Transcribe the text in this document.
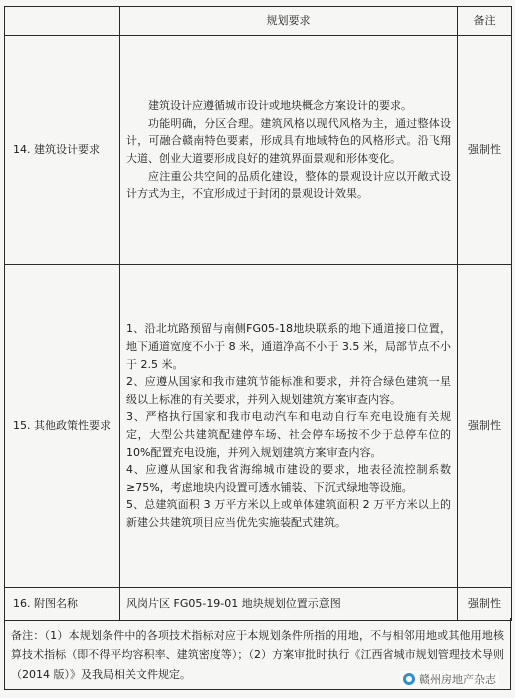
	规划要求	备注
14. 建筑设计要求	建筑设计应遵循城市设计或地块概念方案设计的要求。

功能明确，分区合理。建筑风格以现代风格为主，通过整体设计，可融合赣南特色要素，形成具有地域特色的风格形式。沿飞翔大道、创业大道要形成良好的建筑界面景观和形体变化。

应注重公共空间的品质化建设，整体的景观设计应以开敞式设计方式为主，不宜形成过于封闭的景观设计效果。	强制性
15. 其他政策性要求	1、沿北坑路预留与南侧FG05-18地块联系的地下通道接口位置，地下通道宽度不小于 8 米，通道净高不小于 3.5 米，局部节点不小于 2.5 米。

2、应遵从国家和我市建筑节能标准和要求，并符合绿色建筑一星级以上标准的有关要求，并列入规划建筑方案审查内容。

3、严格执行国家和我市电动汽车和电动自行车充电设施有关规定，大型公共建筑配建停车场、社会停车场按不少于总停车位的 10%配置充电设施，并列入规划建筑方案审查内容。

4、应遵从国家和我省海绵城市建设的要求，地表径流控制系数≥75%，考虑地块内设置可透水铺装、下沉式绿地等设施。

5、总建筑面积 3 万平方米以上或单体建筑面积 2 万平方米以上的新建公共建筑项目应当优先实施装配式建筑。	强制性
16. 附图名称	风岗片区 FG05-19-01 地块规划位置示意图	强制性
备注：（1）本规划条件中的各项技术指标对应于本规划条件所指的用地，不与相邻用地或其他用地核算技术指标（即不得平均容积率、建筑密度等）；（2）方案审批时执行《江西省城市规划管理技术导则（2014 版）》及我局相关文件规定。	赣州房地产杂志
